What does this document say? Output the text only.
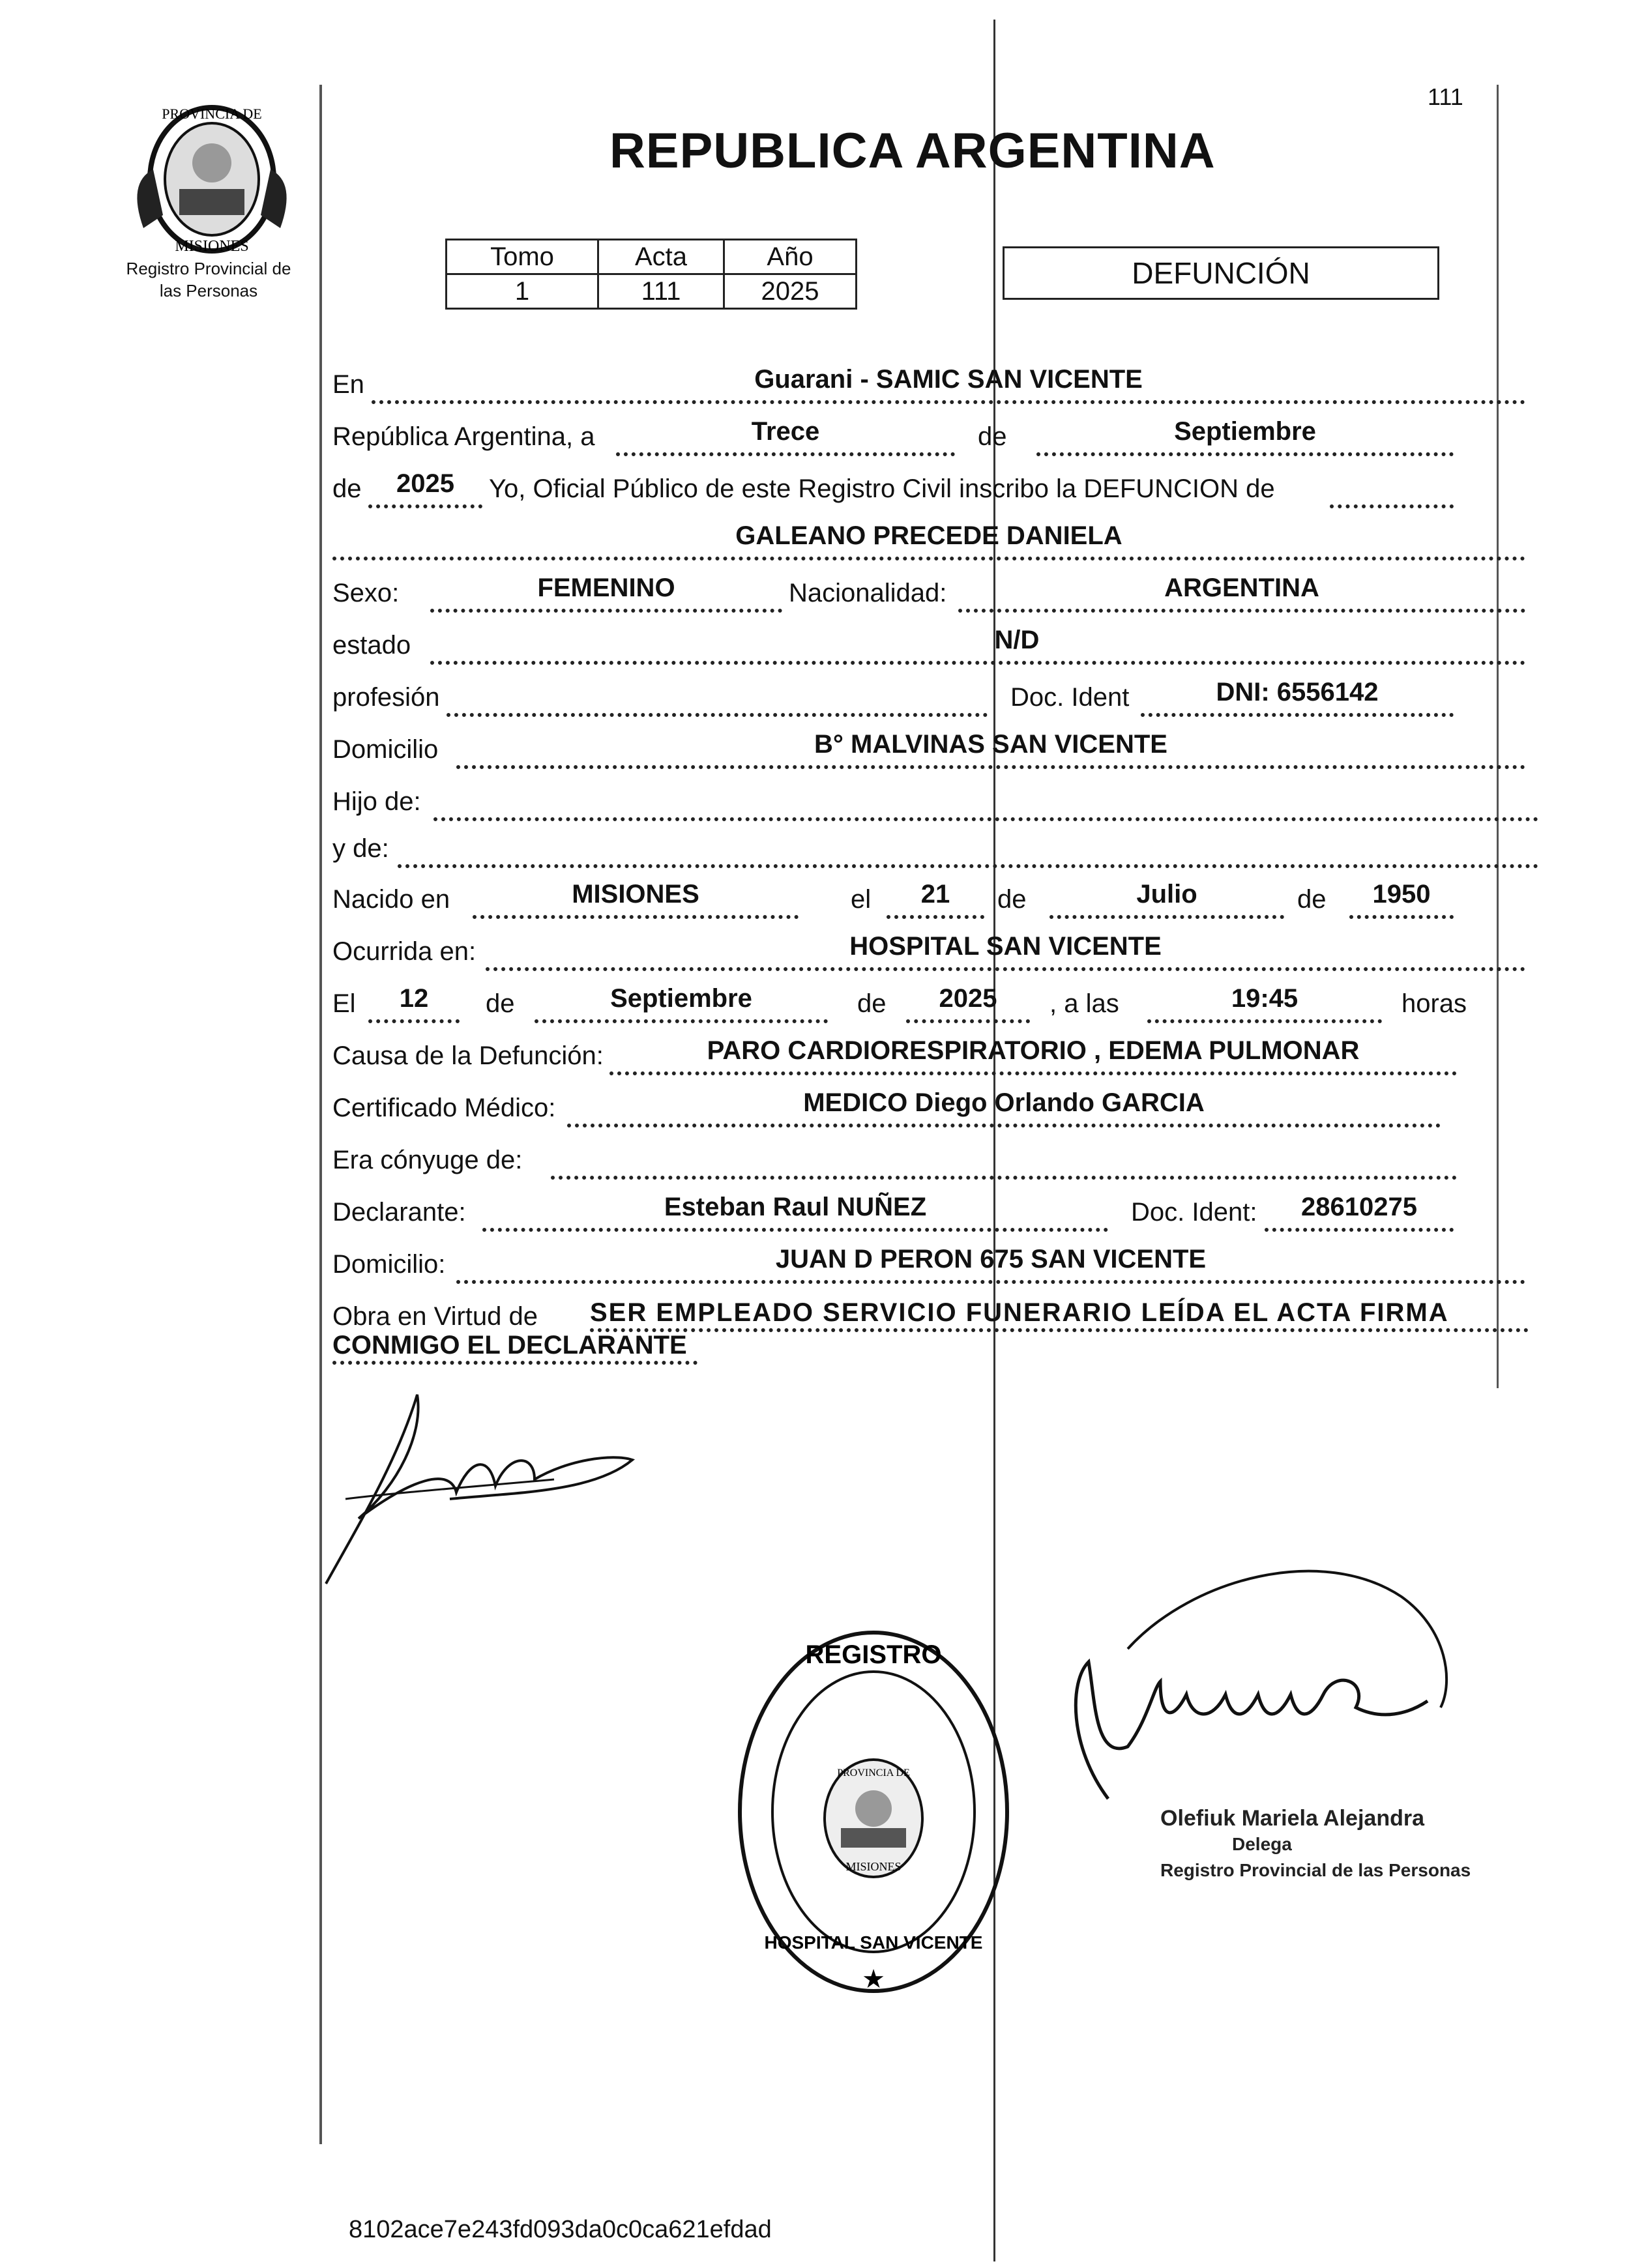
PROVINCIA DE
MISIONES
Registro Provincial de
las Personas
111
REPUBLICA ARGENTINA
Tomo	Acta	Año
1	111	2025
DEFUNCIÓN
En	Guarani - SAMIC SAN VICENTE
República Argentina, a	Trece	de	Septiembre
de	2025	Yo, Oficial Público de este Registro Civil inscribo la DEFUNCION de
GALEANO PRECEDE DANIELA
Sexo:	FEMENINO	Nacionalidad:	ARGENTINA
estado	N/D
profesión	Doc. Ident	DNI: 6556142
Domicilio	B° MALVINAS SAN VICENTE
Hijo de:
y de:
Nacido en	MISIONES	el	21	de	Julio	de	1950
Ocurrida en:	HOSPITAL SAN VICENTE
El	12	de	Septiembre	de	2025	, a las	19:45	horas
Causa de la Defunción:	PARO CARDIORESPIRATORIO , EDEMA PULMONAR
Certificado Médico:	MEDICO Diego Orlando GARCIA
Era cónyuge de:
Declarante:	Esteban Raul NUÑEZ	Doc. Ident:	28610275
Domicilio:	JUAN D PERON 675 SAN VICENTE
Obra en Virtud de SER EMPLEADO SERVICIO FUNERARIO LEÍDA EL ACTA FIRMA
CONMIGO EL DECLARANTE
PROVINCIA DE
MISIONES
REGISTRO
HOSPITAL SAN VICENTE
★
Olefiuk Mariela Alejandra
Delega
Registro Provincial de las Personas
8102ace7e243fd093da0c0ca621efdad
